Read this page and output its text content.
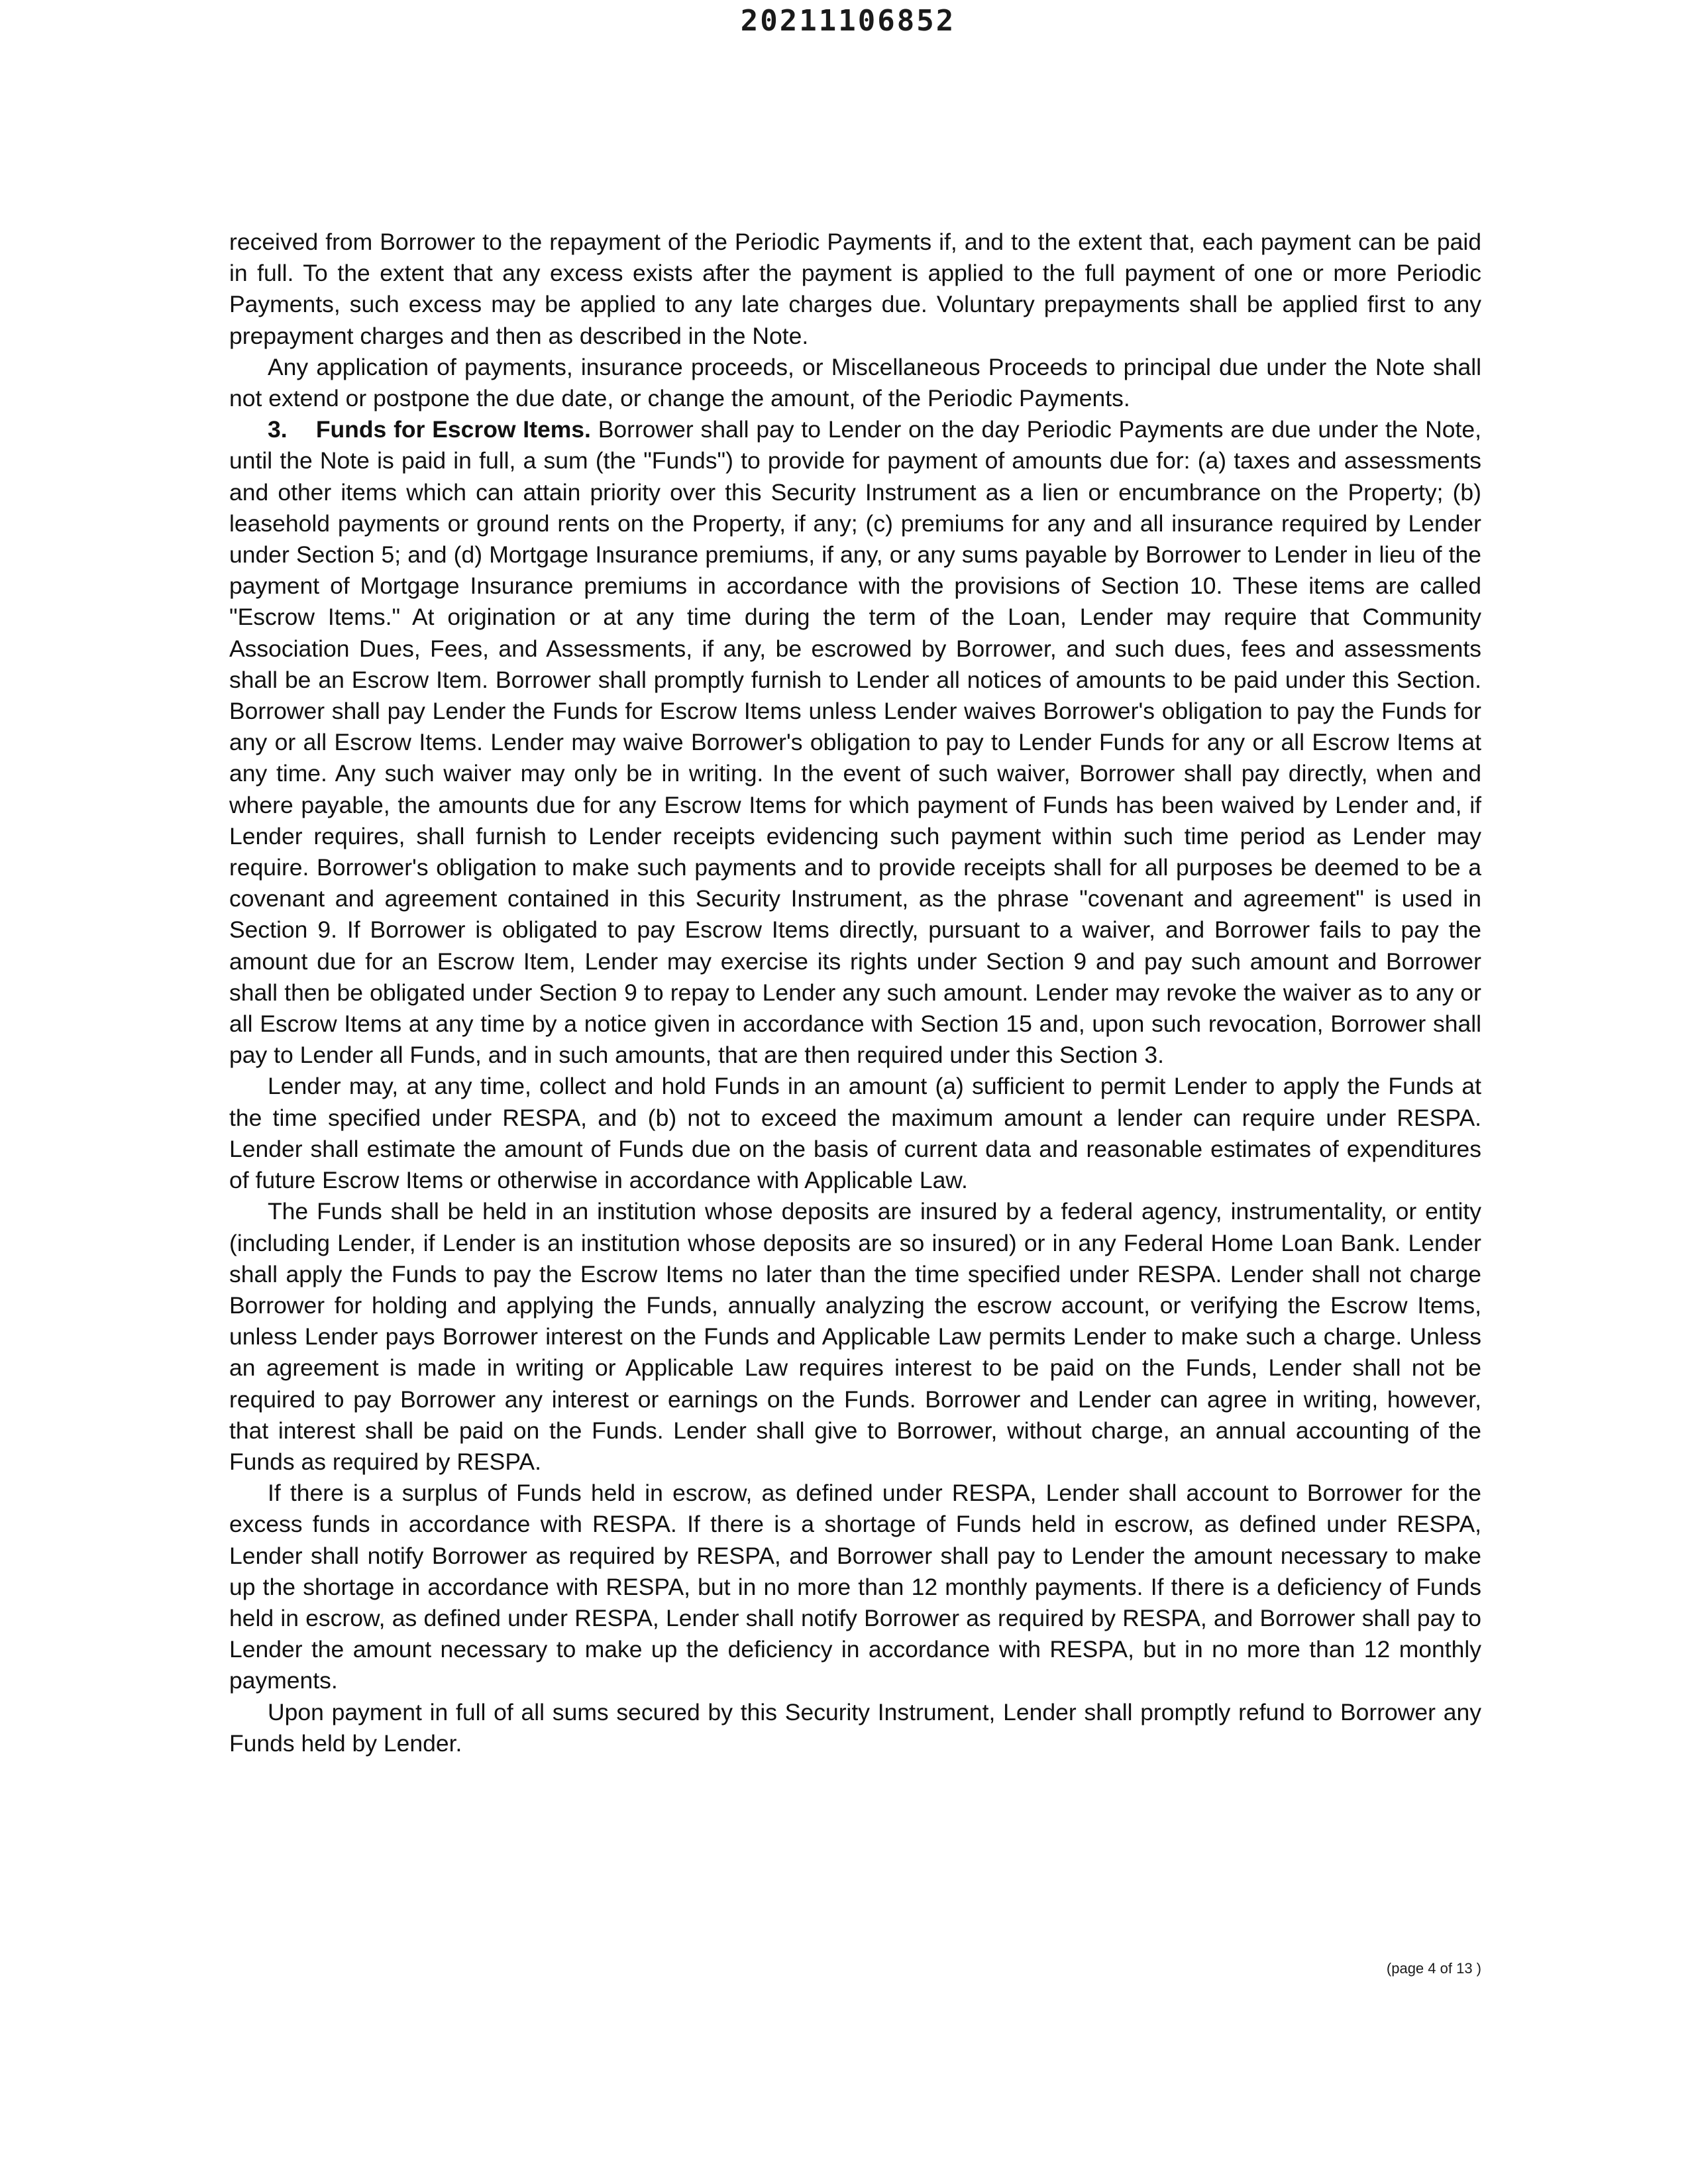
20211106852

received from Borrower to the repayment of the Periodic Payments if, and to the extent that, each payment can be paid in full. To the extent that any excess exists after the payment is applied to the full payment of one or more Periodic Payments, such excess may be applied to any late charges due. Voluntary prepayments shall be applied first to any prepayment charges and then as described in the Note.

Any application of payments, insurance proceeds, or Miscellaneous Proceeds to principal due under the Note shall not extend or postpone the due date, or change the amount, of the Periodic Payments.

3. Funds for Escrow Items. Borrower shall pay to Lender on the day Periodic Payments are due under the Note, until the Note is paid in full, a sum (the "Funds") to provide for payment of amounts due for: (a) taxes and assessments and other items which can attain priority over this Security Instrument as a lien or encumbrance on the Property; (b) leasehold payments or ground rents on the Property, if any; (c) premiums for any and all insurance required by Lender under Section 5; and (d) Mortgage Insurance premiums, if any, or any sums payable by Borrower to Lender in lieu of the payment of Mortgage Insurance premiums in accordance with the provisions of Section 10. These items are called "Escrow Items." At origination or at any time during the term of the Loan, Lender may require that Community Association Dues, Fees, and Assessments, if any, be escrowed by Borrower, and such dues, fees and assessments shall be an Escrow Item. Borrower shall promptly furnish to Lender all notices of amounts to be paid under this Section. Borrower shall pay Lender the Funds for Escrow Items unless Lender waives Borrower's obligation to pay the Funds for any or all Escrow Items. Lender may waive Borrower's obligation to pay to Lender Funds for any or all Escrow Items at any time. Any such waiver may only be in writing. In the event of such waiver, Borrower shall pay directly, when and where payable, the amounts due for any Escrow Items for which payment of Funds has been waived by Lender and, if Lender requires, shall furnish to Lender receipts evidencing such payment within such time period as Lender may require. Borrower's obligation to make such payments and to provide receipts shall for all purposes be deemed to be a covenant and agreement contained in this Security Instrument, as the phrase "covenant and agreement" is used in Section 9. If Borrower is obligated to pay Escrow Items directly, pursuant to a waiver, and Borrower fails to pay the amount due for an Escrow Item, Lender may exercise its rights under Section 9 and pay such amount and Borrower shall then be obligated under Section 9 to repay to Lender any such amount. Lender may revoke the waiver as to any or all Escrow Items at any time by a notice given in accordance with Section 15 and, upon such revocation, Borrower shall pay to Lender all Funds, and in such amounts, that are then required under this Section 3.

Lender may, at any time, collect and hold Funds in an amount (a) sufficient to permit Lender to apply the Funds at the time specified under RESPA, and (b) not to exceed the maximum amount a lender can require under RESPA. Lender shall estimate the amount of Funds due on the basis of current data and reasonable estimates of expenditures of future Escrow Items or otherwise in accordance with Applicable Law.

The Funds shall be held in an institution whose deposits are insured by a federal agency, instrumentality, or entity (including Lender, if Lender is an institution whose deposits are so insured) or in any Federal Home Loan Bank. Lender shall apply the Funds to pay the Escrow Items no later than the time specified under RESPA. Lender shall not charge Borrower for holding and applying the Funds, annually analyzing the escrow account, or verifying the Escrow Items, unless Lender pays Borrower interest on the Funds and Applicable Law permits Lender to make such a charge. Unless an agreement is made in writing or Applicable Law requires interest to be paid on the Funds, Lender shall not be required to pay Borrower any interest or earnings on the Funds. Borrower and Lender can agree in writing, however, that interest shall be paid on the Funds. Lender shall give to Borrower, without charge, an annual accounting of the Funds as required by RESPA.

If there is a surplus of Funds held in escrow, as defined under RESPA, Lender shall account to Borrower for the excess funds in accordance with RESPA. If there is a shortage of Funds held in escrow, as defined under RESPA, Lender shall notify Borrower as required by RESPA, and Borrower shall pay to Lender the amount necessary to make up the shortage in accordance with RESPA, but in no more than 12 monthly payments. If there is a deficiency of Funds held in escrow, as defined under RESPA, Lender shall notify Borrower as required by RESPA, and Borrower shall pay to Lender the amount necessary to make up the deficiency in accordance with RESPA, but in no more than 12 monthly payments.

Upon payment in full of all sums secured by this Security Instrument, Lender shall promptly refund to Borrower any Funds held by Lender.

(page 4 of 13 )
